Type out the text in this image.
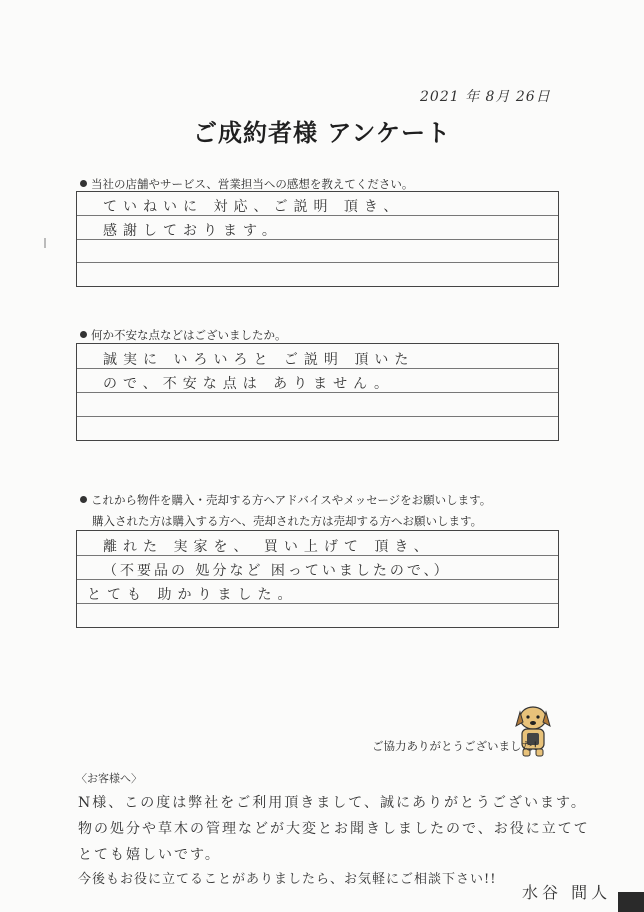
2021 年 8月 26日
ご成約者様 アンケート
当社の店舗やサービス、営業担当への感想を教えてください。
ていねいに 対応、ご説明 頂き、
感謝しております。
何か不安な点などはございましたか。
誠実に いろいろと ご説明 頂いた
ので、不安な点は ありません。
これから物件を購入・売却する方へアドバイスやメッセージをお願いします。
購入された方は購入する方へ、売却された方は売却する方へお願いします。
離れた 実家を、 買い上げて 頂き、
（不要品の 処分など 困っていましたので、）
とても 助かりました。
ご協力ありがとうございました!
〈お客様へ〉
N様、この度は弊社をご利用頂きまして、誠にありがとうございます。
物の処分や草木の管理などが大変とお聞きしましたので、お役に立てて
とても嬉しいです。
今後もお役に立てることがありましたら、お気軽にご相談下さい!!
水谷 間人
